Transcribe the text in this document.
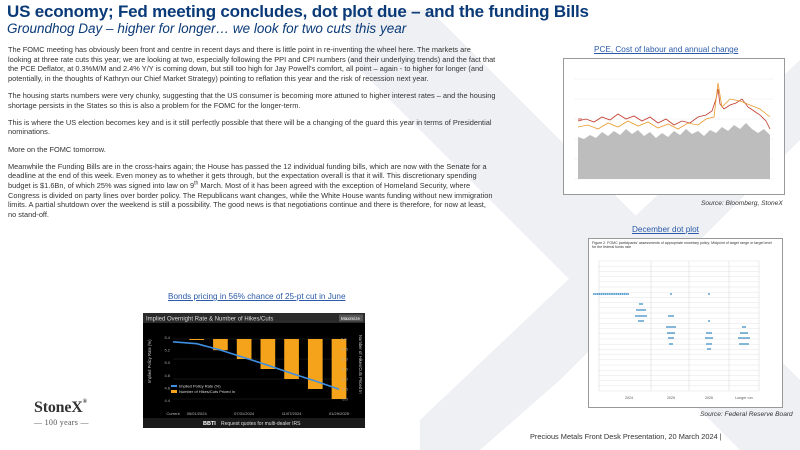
US economy; Fed meeting concludes, dot plot due – and the funding Bills
Groundhog Day – higher for longer… we look for two cuts this year

The FOMC meeting has obviously been front and centre in recent days and there is little point in re-inventing the wheel here. The markets are looking at three rate cuts this year; we are looking at two, especially following the PPI and CPI numbers (and their underlying trends) and the fact that the PCE Deflator, at 0.3%M/M and 2.4% Y/Y is coming down, but still too high for Jay Powell's comfort, all point – again - to higher for longer (and potentially, in the thoughts of Kathryn our Chief Market Strategy) pointing to reflation this year and the risk of recession next year.

The housing starts numbers were very chunky, suggesting that the US consumer is becoming more attuned to higher interest rates – and the housing shortage persists in the States so this is also a problem for the FOMC for the longer-term.

This is where the US election becomes key and is it still perfectly possible that there will be a changing of the guard this year in terms of Presidential nominations.

More on the FOMC tomorrow.

Meanwhile the Funding Bills are in the cross-hairs again; the House has passed the 12 individual funding bills, which are now with the Senate for a deadline at the end of this week. Even money as to whether it gets through, but the expectation overall is that it will. This discretionary spending budget is $1.6Bn, of which 25% was signed into law on 9th March. Most of it has been agreed with the exception of Homeland Security, where Congress is divided on party lines over border policy. The Republicans want changes, while the White House wants funding without new immigration limits. A partial shutdown over the weekend is still a possibility. The good news is that negotiations continue and there is therefore, for now at least, no stand-off.

Bonds pricing in 56% chance of 25-pt cut in June
Implied Overnight Rate & Number of Hikes/Cuts	Maximize
5.4
5.2
5.0
4.8
4.6
4.4
0.0
-0.5
-1.0
-1.5
-2.0
-2.5
-3.0
Current 05/01/2024	07/31/2024	11/07/2024	01/29/2025
Implied Policy Rate (%)	Number of Hikes/Cuts Priced In
Implied Policy Rate (%)
Number of Hikes/Cuts Priced In
BBTI Request quotes for multi-dealer IRS
PCE, Cost of labour and annual change
Source: Bloomberg, StoneX
December dot plot
Figure 2. FOMC participants' assessments of appropriate monetary policy: Midpoint of target range or target level for the federal funds rate
2024	2025	2026	Longer run
Source: Federal Reserve Board
Precious Metals Front Desk Presentation, 20 March 2024 |
StoneX®
— 100 years —
